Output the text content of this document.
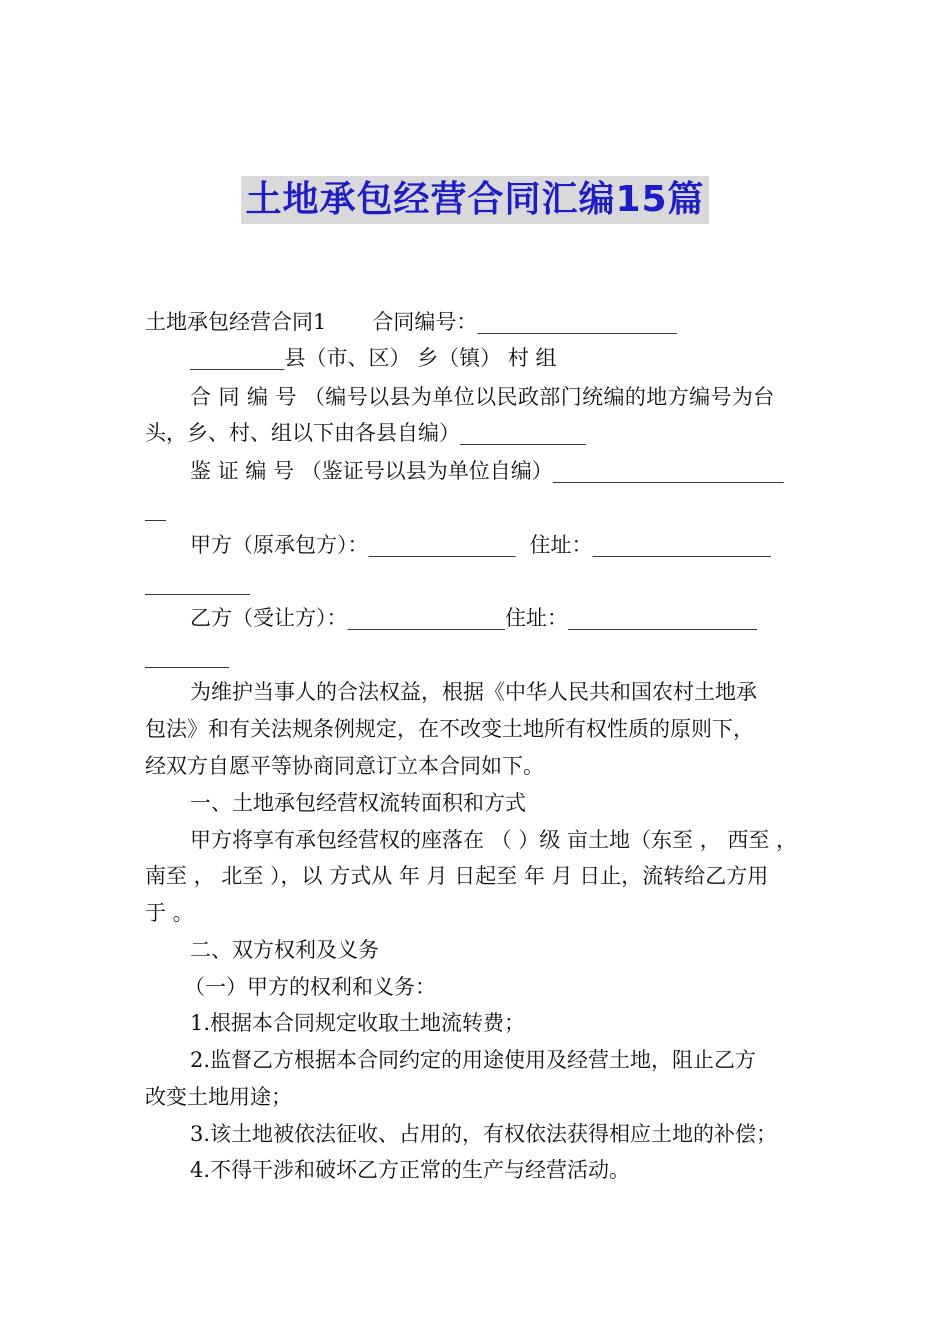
土地承包经营合同汇编15篇
土地承包经营合同1 合同编号：___________________
_________县（市、区） 乡（镇） 村 组
合 同 编 号 （编号以县为单位以民政部门统编的地方编号为台
头，乡、村、组以下由各县自编）____________
鉴 证 编 号 （鉴证号以县为单位自编）______________________
__
甲方（原承包方）：______________ 住址：_________________
__________
乙方（受让方）：_______________住址：__________________
________
为维护当事人的合法权益，根据《中华人民共和国农村土地承
包法》和有关法规条例规定，在不改变土地所有权性质的原则下，
经双方自愿平等协商同意订立本合同如下。
一、土地承包经营权流转面积和方式
甲方将享有承包经营权的座落在 （ ）级 亩土地（东至 ， 西至 ，
南至 ， 北至 ），以 方式从 年 月 日起至 年 月 日止，流转给乙方用
于 。
二、双方权利及义务
（一）甲方的权利和义务：
1.根据本合同规定收取土地流转费；
2.监督乙方根据本合同约定的用途使用及经营土地，阻止乙方
改变土地用途；
3.该土地被依法征收、占用的，有权依法获得相应土地的补偿；
4.不得干涉和破坏乙方正常的生产与经营活动。
